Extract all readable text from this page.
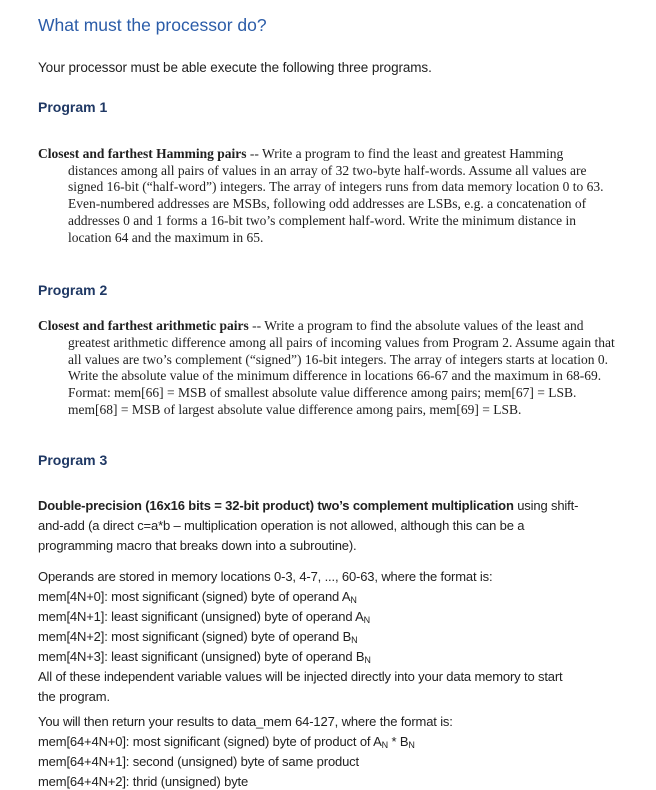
What must the processor do?
Your processor must be able execute the following three programs.
Program 1
Closest and farthest Hamming pairs -- Write a program to find the least and greatest Hamming
distances among all pairs of values in an array of 32 two-byte half-words. Assume all values are
signed 16-bit (“half-word”) integers. The array of integers runs from data memory location 0 to 63.
Even-numbered addresses are MSBs, following odd addresses are LSBs, e.g. a concatenation of
addresses 0 and 1 forms a 16-bit two’s complement half-word. Write the minimum distance in
location 64 and the maximum in 65.
Program 2
Closest and farthest arithmetic pairs -- Write a program to find the absolute values of the least and
greatest arithmetic difference among all pairs of incoming values from Program 2. Assume again that
all values are two’s complement (“signed”) 16-bit integers. The array of integers starts at location 0.
Write the absolute value of the minimum difference in locations 66-67 and the maximum in 68-69.
Format: mem[66] = MSB of smallest absolute value difference among pairs; mem[67] = LSB.
mem[68] = MSB of largest absolute value difference among pairs, mem[69] = LSB.
Program 3
Double-precision (16x16 bits = 32-bit product) two’s complement multiplication using shift-
and-add (a direct c=a*b – multiplication operation is not allowed, although this can be a
programming macro that breaks down into a subroutine).
Operands are stored in memory locations 0-3, 4-7, ..., 60-63, where the format is:
mem[4N+0]: most significant (signed) byte of operand $A_N$
mem[4N+1]: least significant (unsigned) byte of operand $A_N$
mem[4N+2]: most significant (signed) byte of operand $B_N$
mem[4N+3]: least significant (unsigned) byte of operand $B_N$
All of these independent variable values will be injected directly into your data memory to start
the program.
You will then return your results to data_mem 64-127, where the format is:
mem[64+4N+0]: most significant (signed) byte of product of $A_N * B_N$
mem[64+4N+1]: second (unsigned) byte of same product
mem[64+4N+2]: thrid (unsigned) byte
